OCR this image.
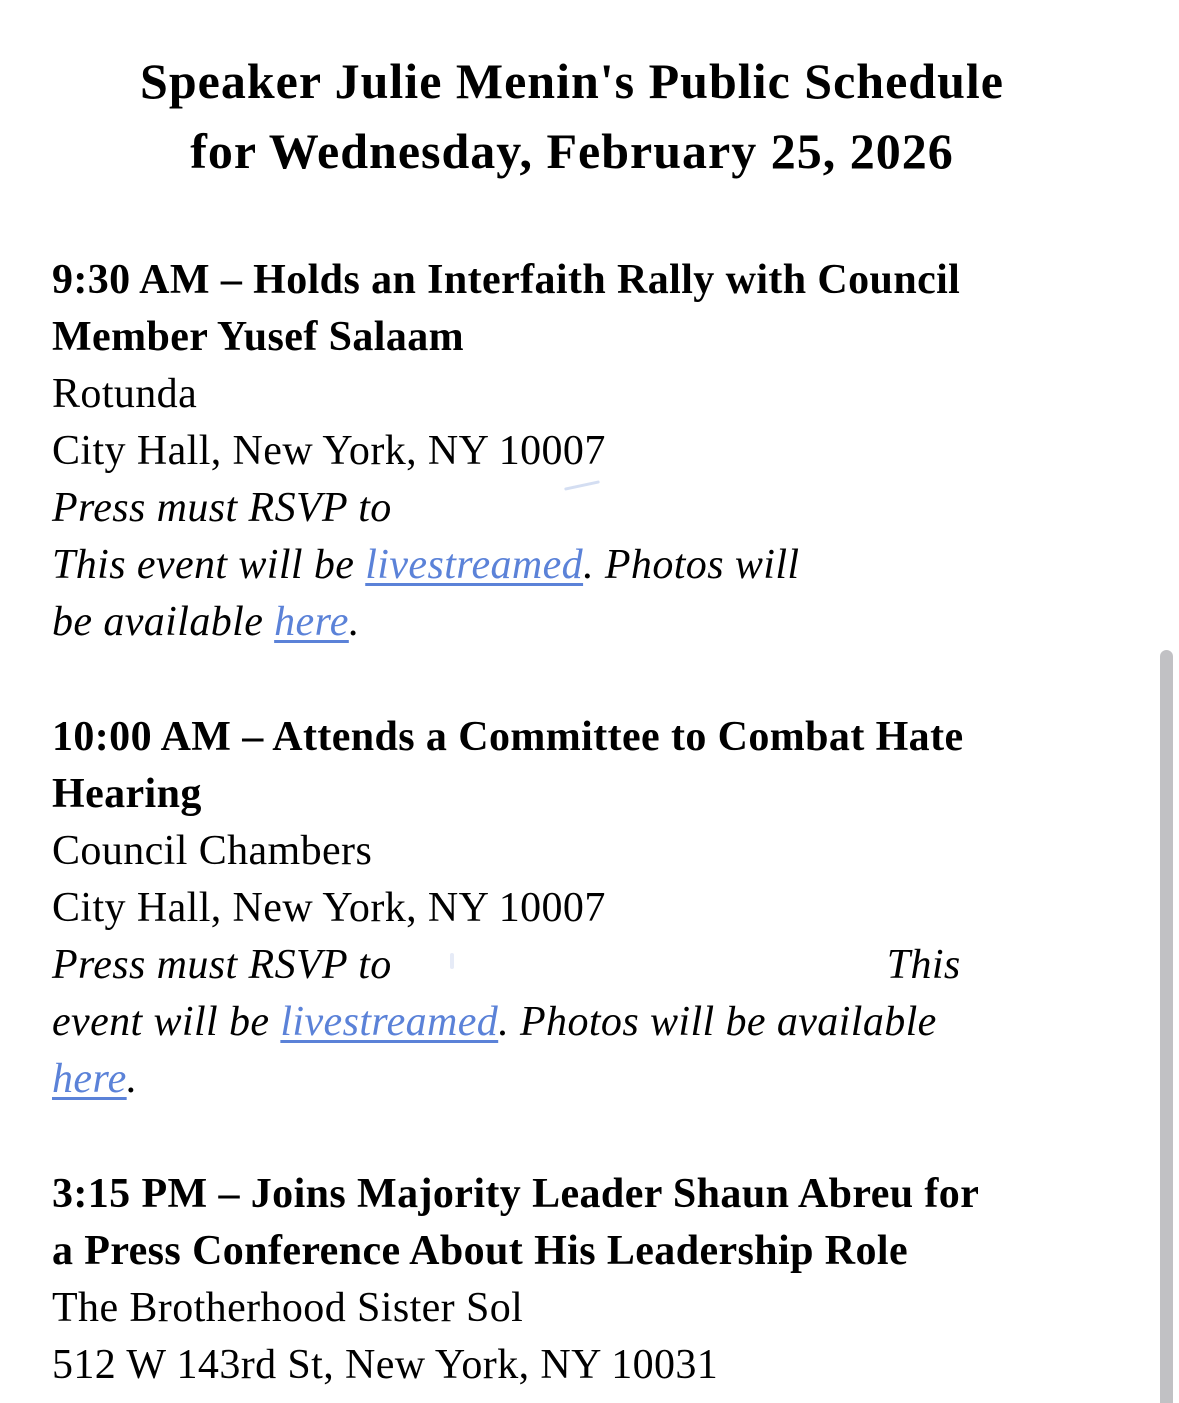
Speaker Julie Menin's Public Schedule
for Wednesday, February 25, 2026
9:30 AM – Holds an Interfaith Rally with Council
Member Yusef Salaam
Rotunda
City Hall, New York, NY 10007
Press must RSVP to
This event will be livestreamed. Photos will
be available here.
10:00 AM – Attends a Committee to Combat Hate
Hearing
Council Chambers
City Hall, New York, NY 10007
Press must RSVP to	This
event will be livestreamed. Photos will be available
here.
3:15 PM – Joins Majority Leader Shaun Abreu for
a Press Conference About His Leadership Role
The Brotherhood Sister Sol
512 W 143rd St, New York, NY 10031
